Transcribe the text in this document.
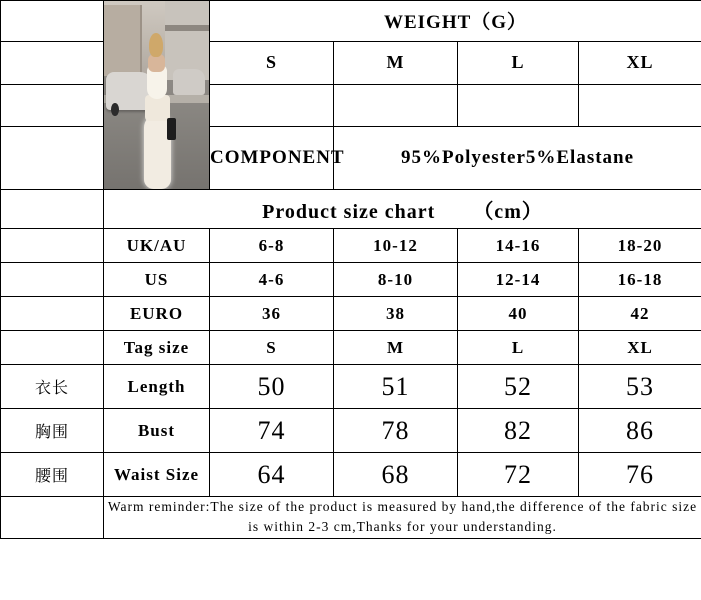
	WEIGHT（G）			
		S	M	L	XL

		COMPONENT	95%Polyester5%Elastane		
	Product size chart （cm）				
	UK/AU	6-8	10-12	14-16	18-20
	US	4-6	8-10	12-14	16-18
	EURO	36	38	40	42
	Tag size	S	M	L	XL
衣长	Length	50	51	52	53
胸围	Bust	74	78	82	86
腰围	Waist Size	64	68	72	76
	Warm reminder:The size of the product is measured by hand,the difference of the fabric size is within 2-3 cm,Thanks for your understanding.				
